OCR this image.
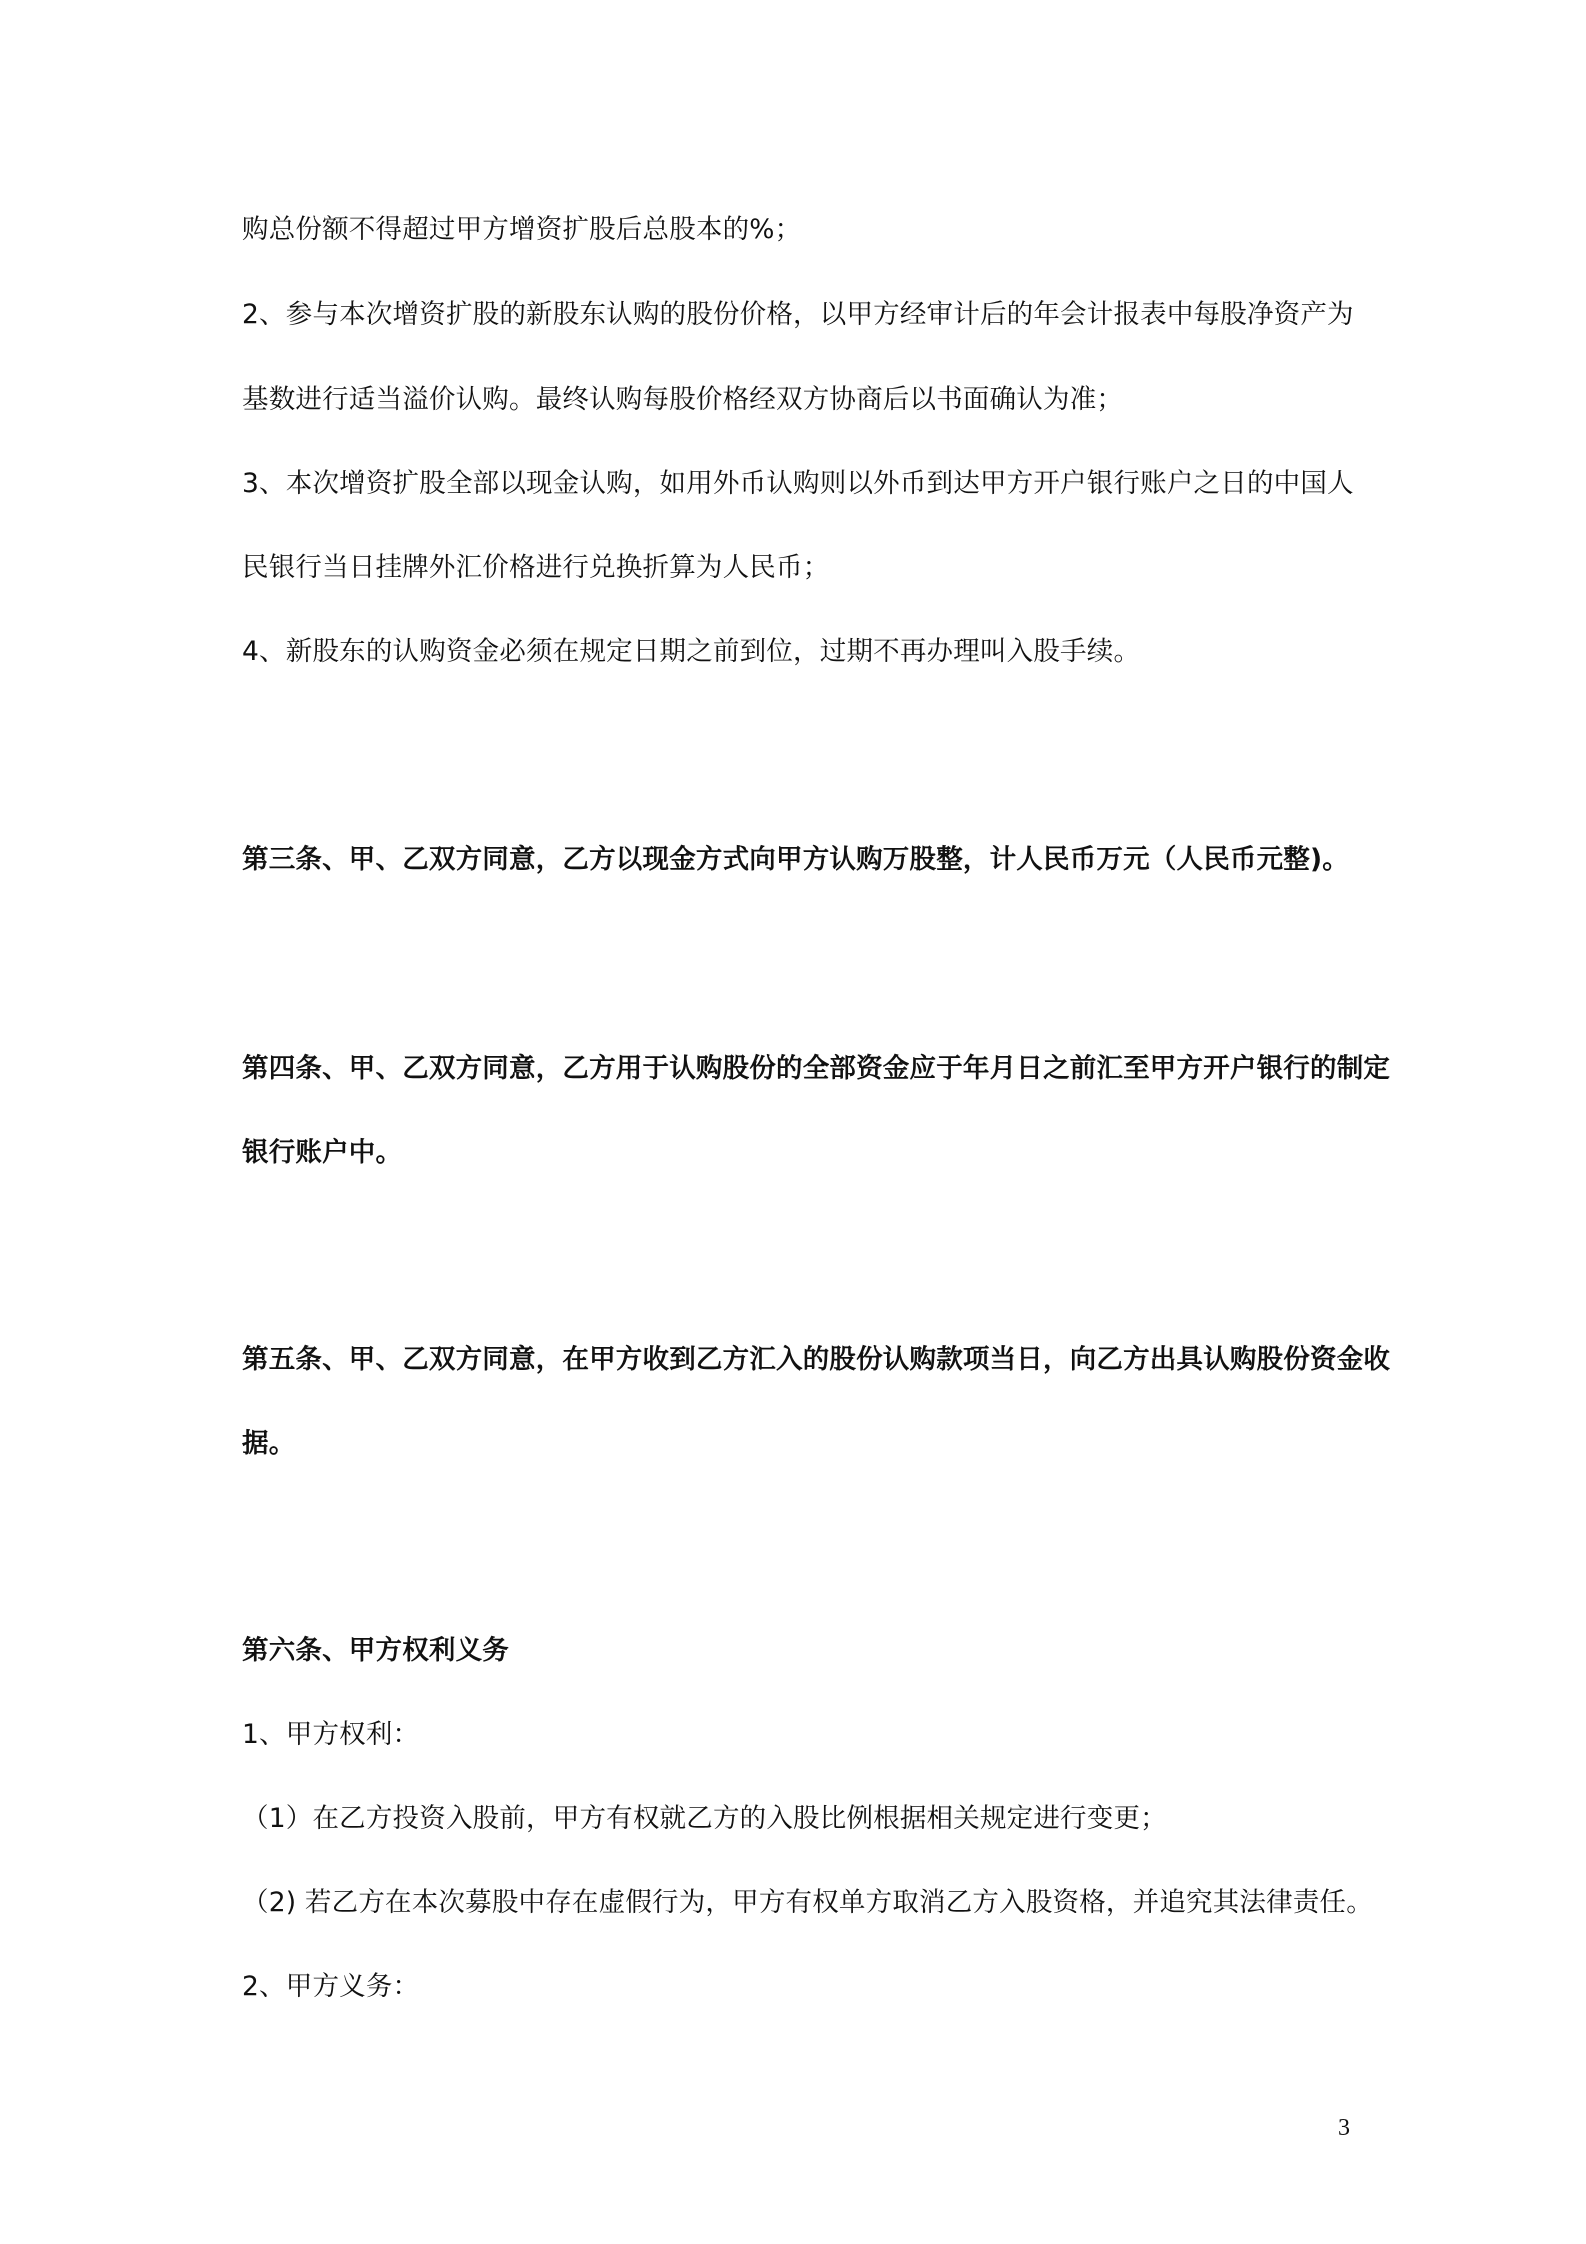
购总份额不得超过甲方增资扩股后总股本的%；
2、参与本次增资扩股的新股东认购的股份价格，以甲方经审计后的年会计报表中每股净资产为
基数进行适当溢价认购。最终认购每股价格经双方协商后以书面确认为准；
3、本次增资扩股全部以现金认购，如用外币认购则以外币到达甲方开户银行账户之日的中国人
民银行当日挂牌外汇价格进行兑换折算为人民币；
4、新股东的认购资金必须在规定日期之前到位，过期不再办理叫入股手续。
第三条、甲、乙双方同意，乙方以现金方式向甲方认购万股整，计人民币万元（人民币元整)。
第四条、甲、乙双方同意，乙方用于认购股份的全部资金应于年月日之前汇至甲方开户银行的制定
银行账户中。
第五条、甲、乙双方同意，在甲方收到乙方汇入的股份认购款项当日，向乙方出具认购股份资金收
据。
第六条、甲方权利义务
1、甲方权利：
（1）在乙方投资入股前，甲方有权就乙方的入股比例根据相关规定进行变更；
（2) 若乙方在本次募股中存在虚假行为，甲方有权单方取消乙方入股资格，并追究其法律责任。
2、甲方义务：
3
